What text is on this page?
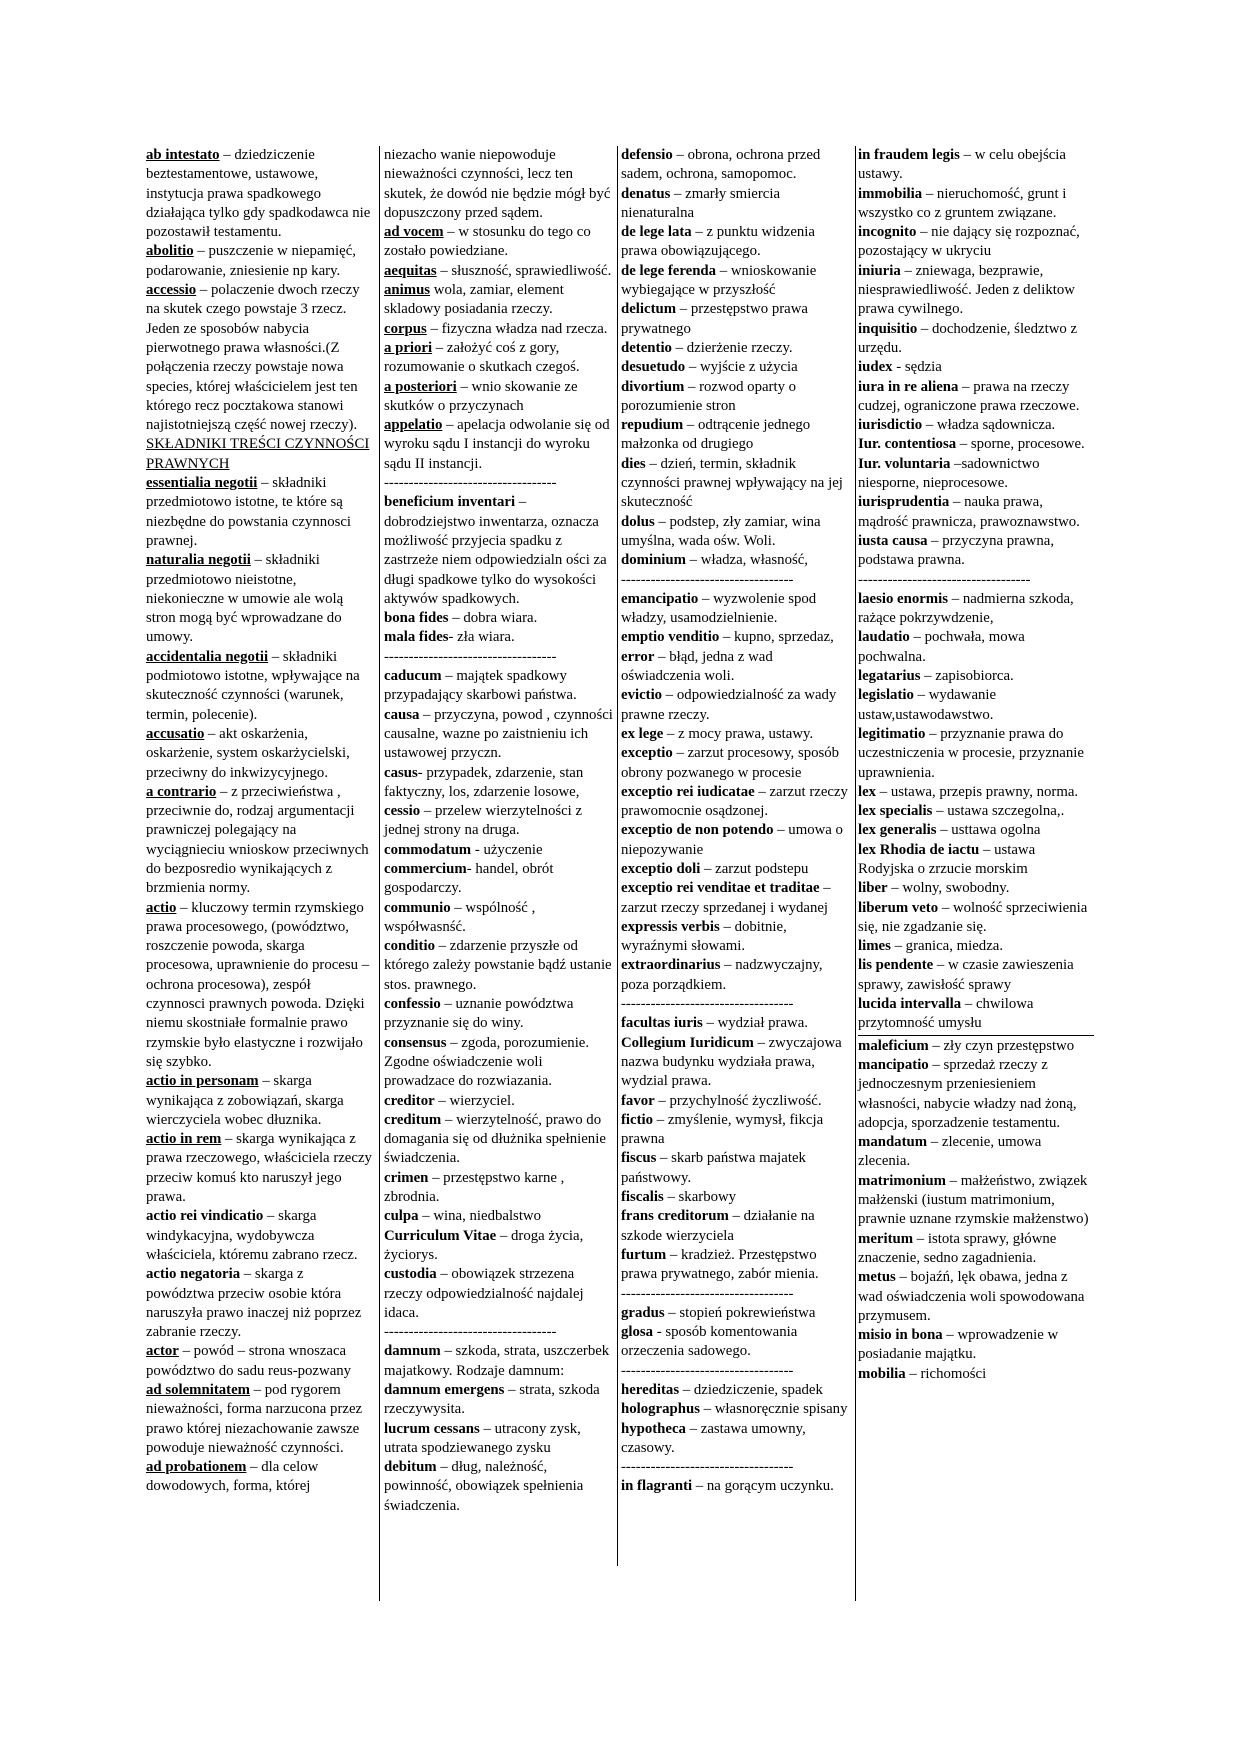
ab intestato – dziedziczenie beztestamentowe, ustawowe, instytucja prawa spadkowego działająca tylko gdy spadkodawca nie pozostawił testamentu.
abolitio – puszczenie w niepamięć, podarowanie, zniesienie np kary.
accessio – polaczenie dwoch rzeczy na skutek czego powstaje 3 rzecz. Jeden ze sposobów nabycia pierwotnego prawa własności.(Z połączenia rzeczy powstaje nowa species, której właścicielem jest ten którego recz pocztakowa stanowi najistotniejszą część nowej rzeczy).
SKŁADNIKI TREŚCI CZYNNOŚCI PRAWNYCH
essentialia negotii – składniki przedmiotowo istotne, te które są niezbędne do powstania czynnosci prawnej.
naturalia negotii – składniki przedmiotowo nieistotne, niekonieczne w umowie ale wolą stron mogą być wprowadzane do umowy.
accidentalia negotii – składniki podmiotowo istotne, wpływające na skuteczność czynności (warunek, termin, polecenie).
accusatio – akt oskarżenia, oskarżenie, system oskarżycielski, przeciwny do inkwizycyjnego.
a contrario – z przeciwieństwa , przeciwnie do, rodzaj argumentacji prawniczej polegający na wyciągnieciu wnioskow przeciwnych do bezposredio wynikających z brzmienia normy.
actio – kluczowy termin rzymskiego prawa procesowego, (powództwo, roszczenie powoda, skarga procesowa, uprawnienie do procesu – ochrona procesowa), zespół czynnosci prawnych powoda. Dzięki niemu skostniałe formalnie prawo rzymskie było elastyczne i rozwijało się szybko.
actio in personam – skarga wynikająca z zobowiązań, skarga wierczyciela wobec dłuznika.
actio in rem – skarga wynikająca z prawa rzeczowego, właściciela rzeczy przeciw komuś kto naruszył jego prawa.
actio rei vindicatio – skarga windykacyjna, wydobywcza właściciela, któremu zabrano rzecz.
actio negatoria – skarga z powództwa przeciw osobie która naruszyła prawo inaczej niż poprzez zabranie rzeczy.
actor – powód – strona wnoszaca powództwo do sadu reus-pozwany
ad solemnitatem – pod rygorem nieważności, forma narzucona przez prawo której niezachowanie zawsze powoduje nieważność czynności.
ad probationem – dla celow dowodowych, forma, której
niezacho wanie niepowoduje nieważności czynności, lecz ten skutek, że dowód nie będzie mógł być dopuszczony przed sądem.
ad vocem – w stosunku do tego co zostało powiedziane.
aequitas – słuszność, sprawiedliwość.
animus wola, zamiar, element skladowy posiadania rzeczy.
corpus – fizyczna władza nad rzecza.
a priori – założyć coś z gory, rozumowanie o skutkach czegoś.
a posteriori – wnio skowanie ze skutków o przyczynach
appelatio – apelacja odwolanie się od wyroku sądu I instancji do wyroku sądu II instancji.
-----------------------------------
beneficium inventari – dobrodziejstwo inwentarza, oznacza możliwość przyjecia spadku z zastrzeże niem odpowiedzialn ości za długi spadkowe tylko do wysokości aktywów spadkowych.
bona fides – dobra wiara.
mala fides- zła wiara.
-----------------------------------
caducum – majątek spadkowy przypadający skarbowi państwa.
causa – przyczyna, powod , czynności causalne, wazne po zaistnieniu ich ustawowej przyczn.
casus- przypadek, zdarzenie, stan faktyczny, los, zdarzenie losowe,
cessio – przelew wierzytelności z jednej strony na druga.
commodatum - użyczenie
commercium- handel, obrót gospodarczy.
communio – wspólność , współwasnść.
conditio – zdarzenie przyszłe od którego zależy powstanie bądź ustanie stos. prawnego.
confessio – uznanie powództwa przyznanie się do winy.
consensus – zgoda, porozumienie. Zgodne oświadczenie woli prowadzace do rozwiazania.
creditor – wierzyciel.
creditum – wierzytelność, prawo do domagania się od dłużnika spełnienie świadczenia.
crimen – przestępstwo karne , zbrodnia.
culpa – wina, niedbalstwo
Curriculum Vitae – droga życia, życiorys.
custodia – obowiązek strzezena rzeczy odpowiedzialność najdalej idaca.
-----------------------------------
damnum – szkoda, strata, uszczerbek majatkowy. Rodzaje damnum:
damnum emergens – strata, szkoda rzeczywysita.
lucrum cessans – utracony zysk, utrata spodziewanego zysku
debitum – dług, należność, powinność, obowiązek spełnienia świadczenia.
defensio – obrona, ochrona przed sadem, ochrona, samopomoc.
denatus – zmarły smiercia nienaturalna
de lege lata – z punktu widzenia prawa obowiązującego.
de lege ferenda – wnioskowanie wybiegające w przyszłość
delictum – przestępstwo prawa prywatnego
detentio – dzierżenie rzeczy.
desuetudo – wyjście z użycia
divortium – rozwod oparty o porozumienie stron
repudium – odtrącenie jednego małzonka od drugiego
dies – dzień, termin, składnik czynności prawnej wpływający na jej skuteczność
dolus – podstep, zły zamiar, wina umyślna, wada ośw. Woli.
dominium – władza, własność,
-----------------------------------
emancipatio – wyzwolenie spod władzy, usamodzielnienie.
emptio venditio – kupno, sprzedaz,
error – błąd, jedna z wad oświadczenia woli.
evictio – odpowiedzialność za wady prawne rzeczy.
ex lege – z mocy prawa, ustawy.
exceptio – zarzut procesowy, sposób obrony pozwanego w procesie
exceptio rei iudicatae – zarzut rzeczy prawomocnie osądzonej.
exceptio de non potendo – umowa o niepozywanie
exceptio doli – zarzut podstepu
exceptio rei venditae et traditae – zarzut rzeczy sprzedanej i wydanej
expressis verbis – dobitnie, wyraźnymi słowami.
extraordinarius – nadzwyczajny, poza porządkiem.
-----------------------------------
facultas iuris – wydział prawa.
Collegium Iuridicum – zwyczajowa nazwa budynku wydziała prawa, wydzial prawa.
favor – przychylność życzliwość.
fictio – zmyślenie, wymysł, fikcja prawna
fiscus – skarb państwa majatek państwowy.
fiscalis – skarbowy
frans creditorum – działanie na szkode wierzyciela
furtum – kradzież. Przestępstwo prawa prywatnego, zabór mienia.
-----------------------------------
gradus – stopień pokrewieństwa
glosa - sposób komentowania orzeczenia sadowego.
-----------------------------------
hereditas – dziedziczenie, spadek
holographus – własnoręcznie spisany
hypotheca – zastawa umowny, czasowy.
-----------------------------------
in flagranti – na gorącym uczynku.
in fraudem legis – w celu obejścia ustawy.
immobilia – nieruchomość, grunt i wszystko co z gruntem związane.
incognito – nie dający się rozpoznać, pozostający w ukryciu
iniuria – zniewaga, bezprawie, niesprawiedliwość. Jeden z deliktow prawa cywilnego.
inquisitio – dochodzenie, śledztwo z urzędu.
iudex - sędzia
iura in re aliena – prawa na rzeczy cudzej, ograniczone prawa rzeczowe.
iurisdictio – władza sądownicza.
Iur. contentiosa – sporne, procesowe.
Iur. voluntaria –sadownictwo niesporne, nieprocesowe.
iurisprudentia – nauka prawa, mądrość prawnicza, prawoznawstwo.
iusta causa – przyczyna prawna, podstawa prawna.
-----------------------------------
laesio enormis – nadmierna szkoda, rażące pokrzywdzenie,
laudatio – pochwała, mowa pochwalna.
legatarius – zapisobiorca.
legislatio – wydawanie ustaw,ustawodawstwo.
legitimatio – przyznanie prawa do uczestniczenia w procesie, przyznanie uprawnienia.
lex – ustawa, przepis prawny, norma.
lex specialis – ustawa szczegolna,.
lex generalis – usttawa ogolna
lex Rhodia de iactu – ustawa Rodyjska o zrzucie morskim
liber – wolny, swobodny.
liberum veto – wolność sprzeciwienia się, nie zgadzanie się.
limes – granica, miedza.
lis pendente – w czasie zawieszenia sprawy, zawisłość sprawy
lucida intervalla – chwilowa przytomność umysłu
maleficium – zły czyn przestępstwo
mancipatio – sprzedaż rzeczy z jednoczesnym przeniesieniem własności, nabycie władzy nad żoną, adopcja, sporzadzenie testamentu.
mandatum – zlecenie, umowa zlecenia.
matrimonium – małżeństwo, związek małżenski (iustum matrimonium, prawnie uznane rzymskie małżenstwo)
meritum – istota sprawy, główne znaczenie, sedno zagadnienia.
metus – bojaźń, lęk obawa, jedna z wad oświadczenia woli spowodowana przymusem.
misio in bona – wprowadzenie w posiadanie majątku.
mobilia – richomości
